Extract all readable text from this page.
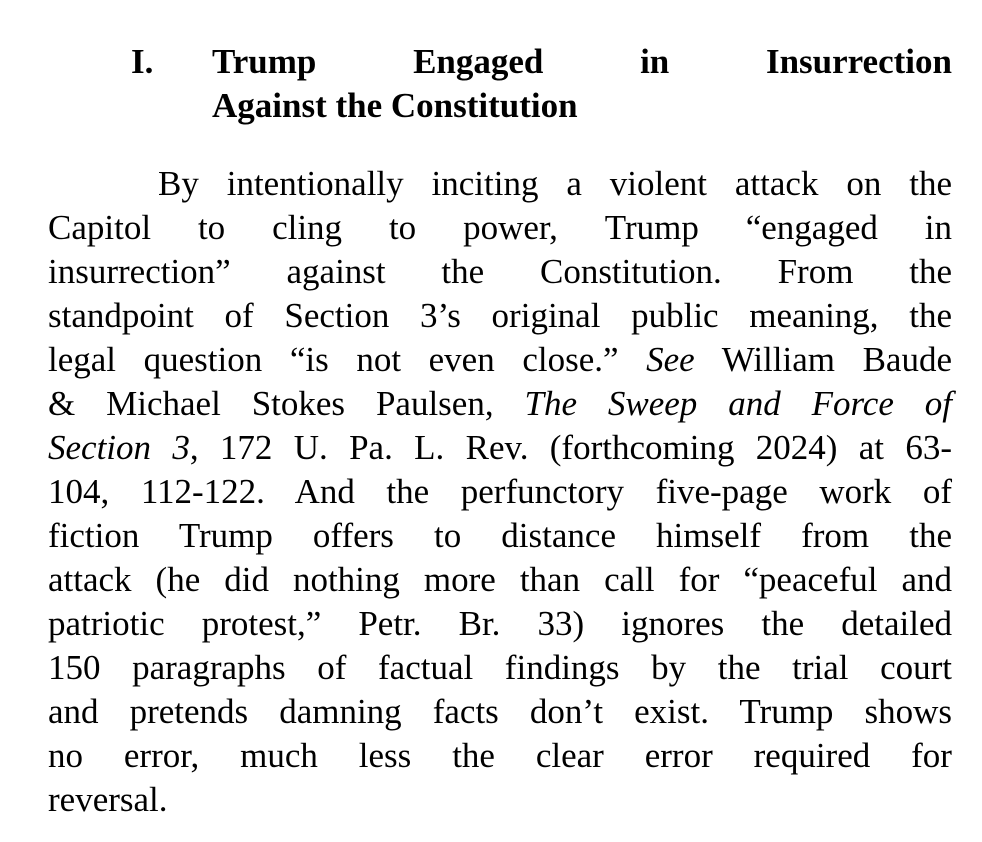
I. Trump	Engaged	in	Insurrection
Against the Constitution
By intentionally inciting a violent attack on the
Capitol to cling to power, Trump “engaged in
insurrection” against the Constitution. From the
standpoint of Section 3’s original public meaning, the
legal question “is not even close.” See William Baude
& Michael Stokes Paulsen, The Sweep and Force of
Section 3 , 172 U. Pa. L. Rev. (forthcoming 2024) at 63-
104, 112-122. And the perfunctory five-page work of
fiction Trump offers to distance himself from the
attack (he did nothing more than call for “peaceful and
patriotic protest,” Petr. Br. 33) ignores the detailed
150 paragraphs of factual findings by the trial court
and pretends damning facts don’t exist. Trump shows
no error, much less the clear error required for
reversal.
